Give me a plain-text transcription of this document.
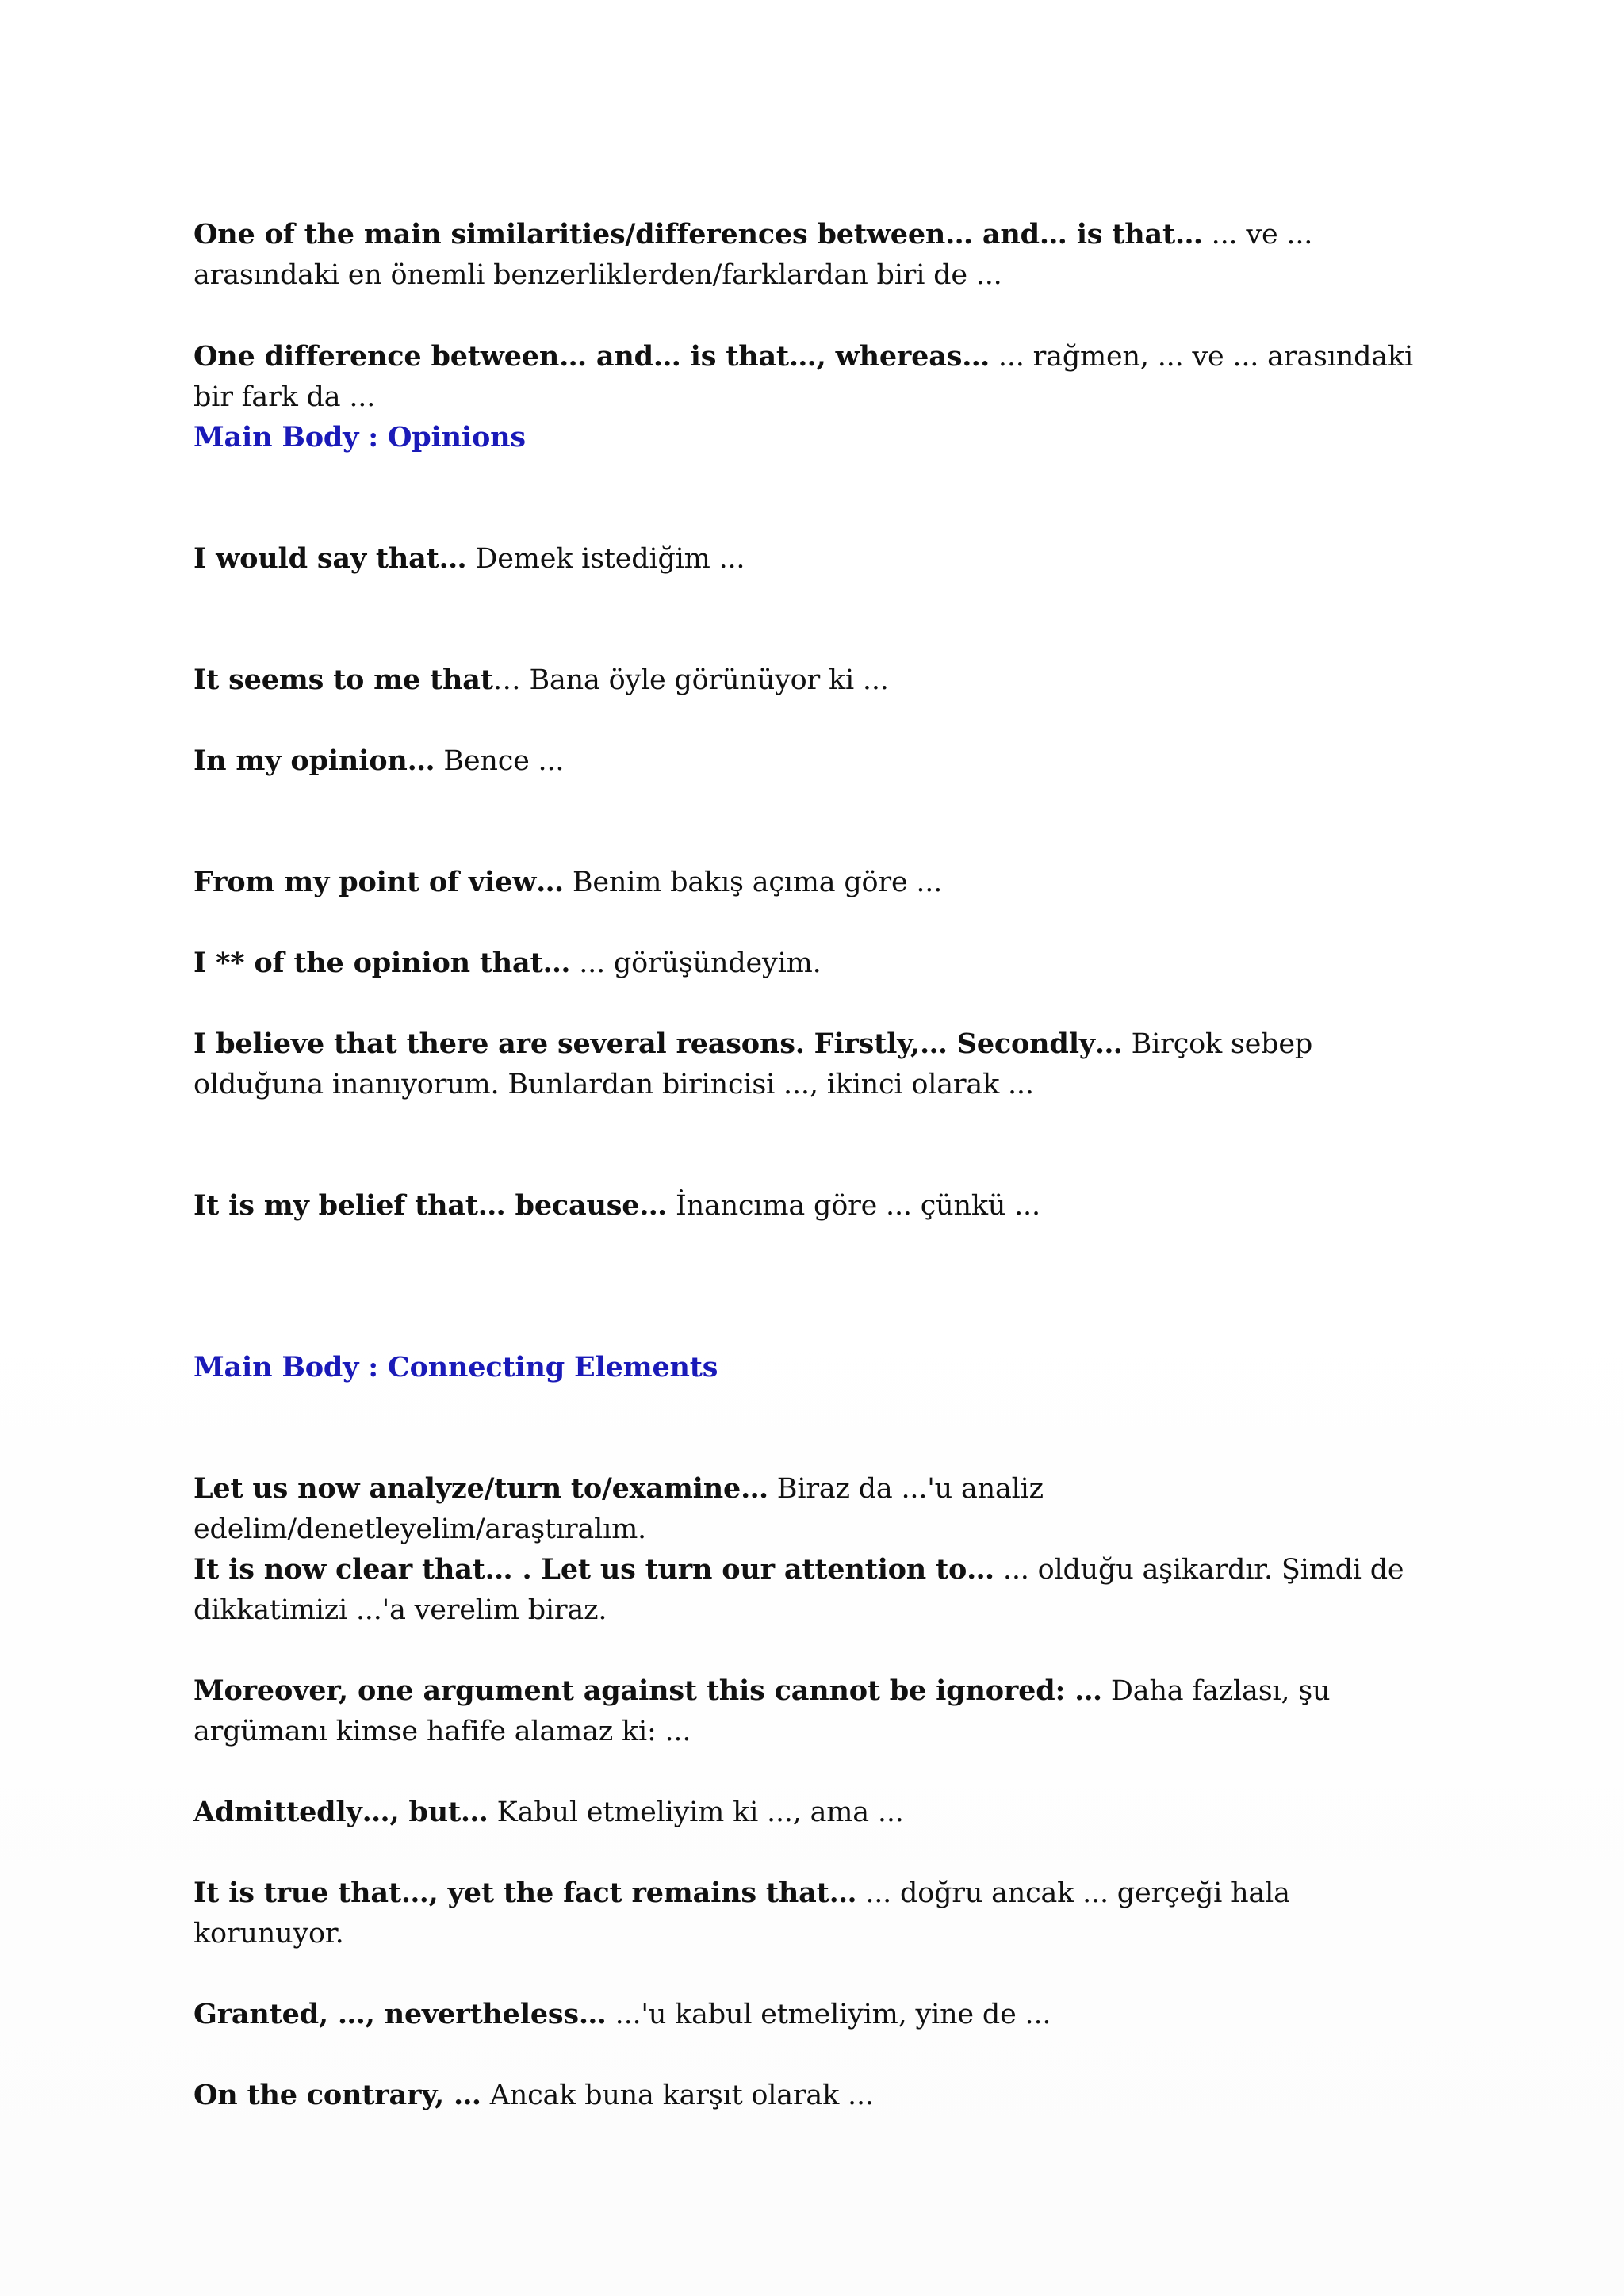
One of the main similarities/differences between… and… is that… ... ve ... arasındaki en önemli benzerliklerden/farklardan biri de ...

One difference between… and… is that…, whereas… ... rağmen, ... ve ... arasındaki bir fark da ...

Main Body : Opinions

I would say that… Demek istediğim ...

It seems to me that… Bana öyle görünüyor ki ...

In my opinion… Bence ...

From my point of view… Benim bakış açıma göre ...

I ** of the opinion that… ... görüşündeyim.

I believe that there are several reasons. Firstly,… Secondly… Birçok sebep olduğuna inanıyorum. Bunlardan birincisi ..., ikinci olarak ...

It is my belief that… because… İnancıma göre ... çünkü ...

Main Body : Connecting Elements

Let us now analyze/turn to/examine… Biraz da ...'u analiz edelim/denetleyelim/araştıralım.

It is now clear that… . Let us turn our attention to… ... olduğu aşikardır. Şimdi de dikkatimizi ...'a verelim biraz.

Moreover, one argument against this cannot be ignored: … Daha fazlası, şu argümanı kimse hafife alamaz ki: ...

Admittedly…, but… Kabul etmeliyim ki ..., ama ...

It is true that…, yet the fact remains that… ... doğru ancak ... gerçeği hala korunuyor.

Granted, …, nevertheless… ...'u kabul etmeliyim, yine de ...

On the contrary, … Ancak buna karşıt olarak ...
